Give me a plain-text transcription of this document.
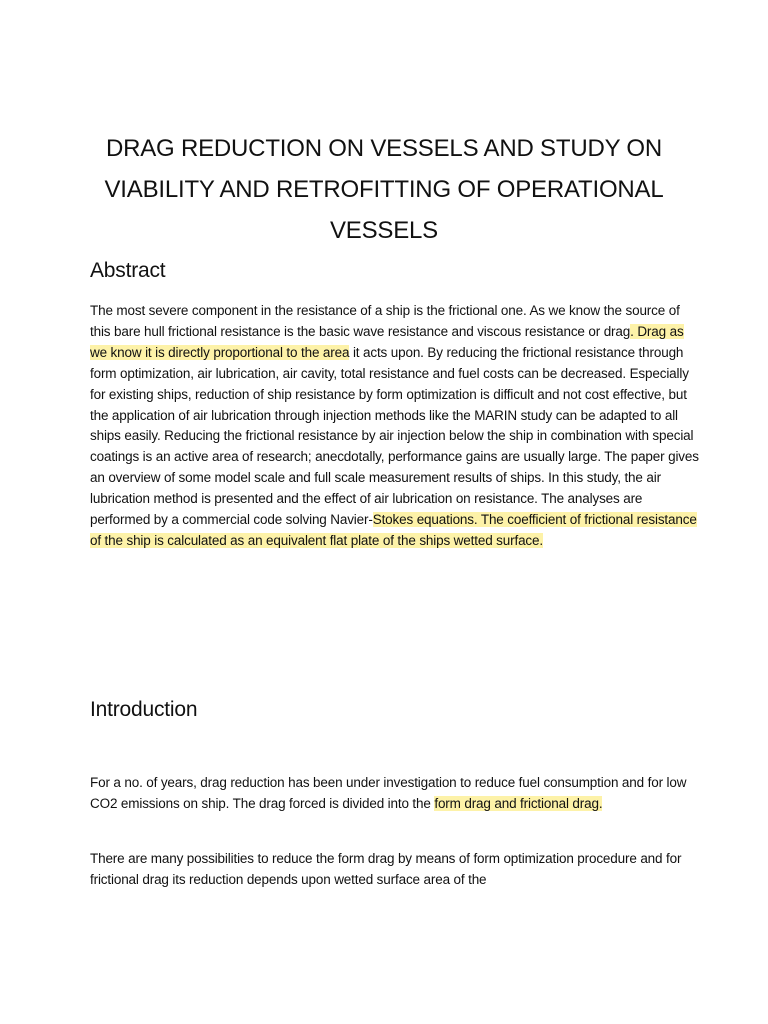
DRAG REDUCTION ON VESSELS AND STUDY ON VIABILITY AND RETROFITTING OF OPERATIONAL VESSELS
Abstract

The most severe component in the resistance of a ship is the frictional one. As we know the source of this bare hull frictional resistance is the basic wave resistance and viscous resistance or drag. Drag as we know it is directly proportional to the area it acts upon. By reducing the frictional resistance through form optimization, air lubrication, air cavity, total resistance and fuel costs can be decreased. Especially for existing ships, reduction of ship resistance by form optimization is difficult and not cost effective, but the application of air lubrication through injection methods like the MARIN study can be adapted to all ships easily. Reducing the frictional resistance by air injection below the ship in combination with special coatings is an active area of research; anecdotally, performance gains are usually large. The paper gives an overview of some model scale and full scale measurement results of ships. In this study, the air lubrication method is presented and the effect of air lubrication on resistance. The analyses are performed by a commercial code solving Navier-Stokes equations. The coefficient of frictional resistance of the ship is calculated as an equivalent flat plate of the ships wetted surface.

Introduction

For a no. of years, drag reduction has been under investigation to reduce fuel consumption and for low CO2 emissions on ship. The drag forced is divided into the form drag and frictional drag.

There are many possibilities to reduce the form drag by means of form optimization procedure and for frictional drag its reduction depends upon wetted surface area of the
